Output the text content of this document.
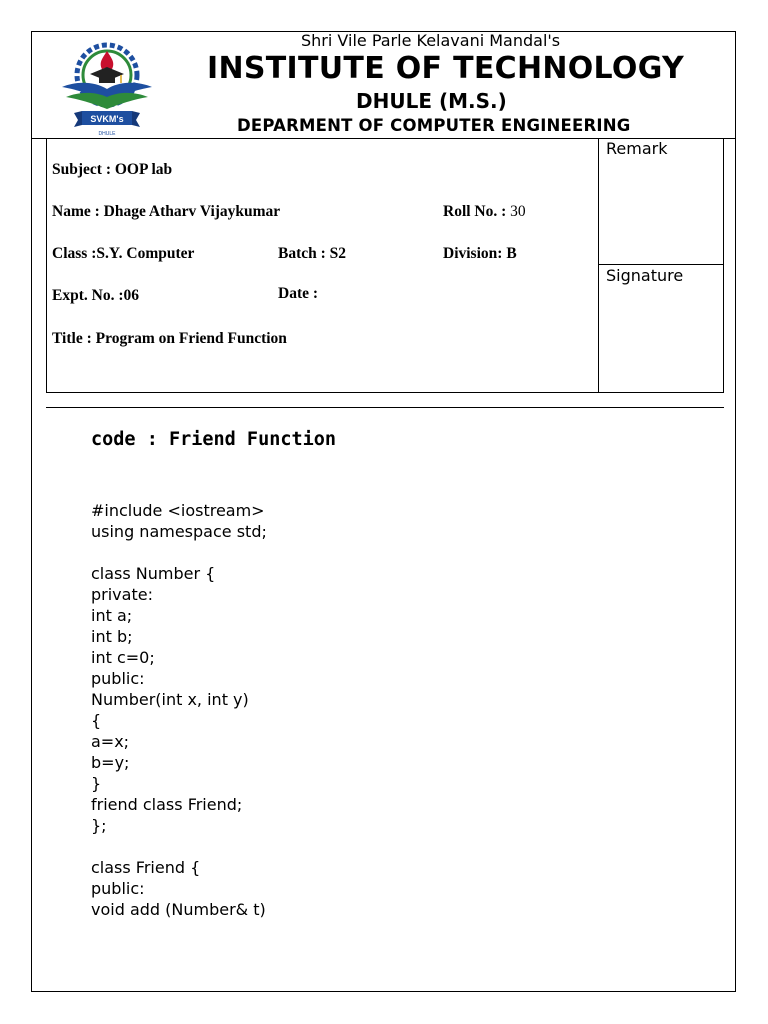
SVKM's
DHULE
Shri Vile Parle Kelavani Mandal's
INSTITUTE OF TECHNOLOGY
DHULE (M.S.)
DEPARMENT OF COMPUTER ENGINEERING
Remark
Signature
Subject : OOP lab
Name : Dhage Atharv Vijaykumar	Roll No. : 30
Class :S.Y. Computer	Batch : S2	Division: B
Expt. No. :06	Date :
Title : Program on Friend Function
code : Friend Function
#include <iostream>
using namespace std;
class Number {
private:
int a;
int b;
int c=0;
public:
Number(int x, int y)
{
a=x;
b=y;
}
friend class Friend;
};
class Friend {
public:
void add (Number& t)
